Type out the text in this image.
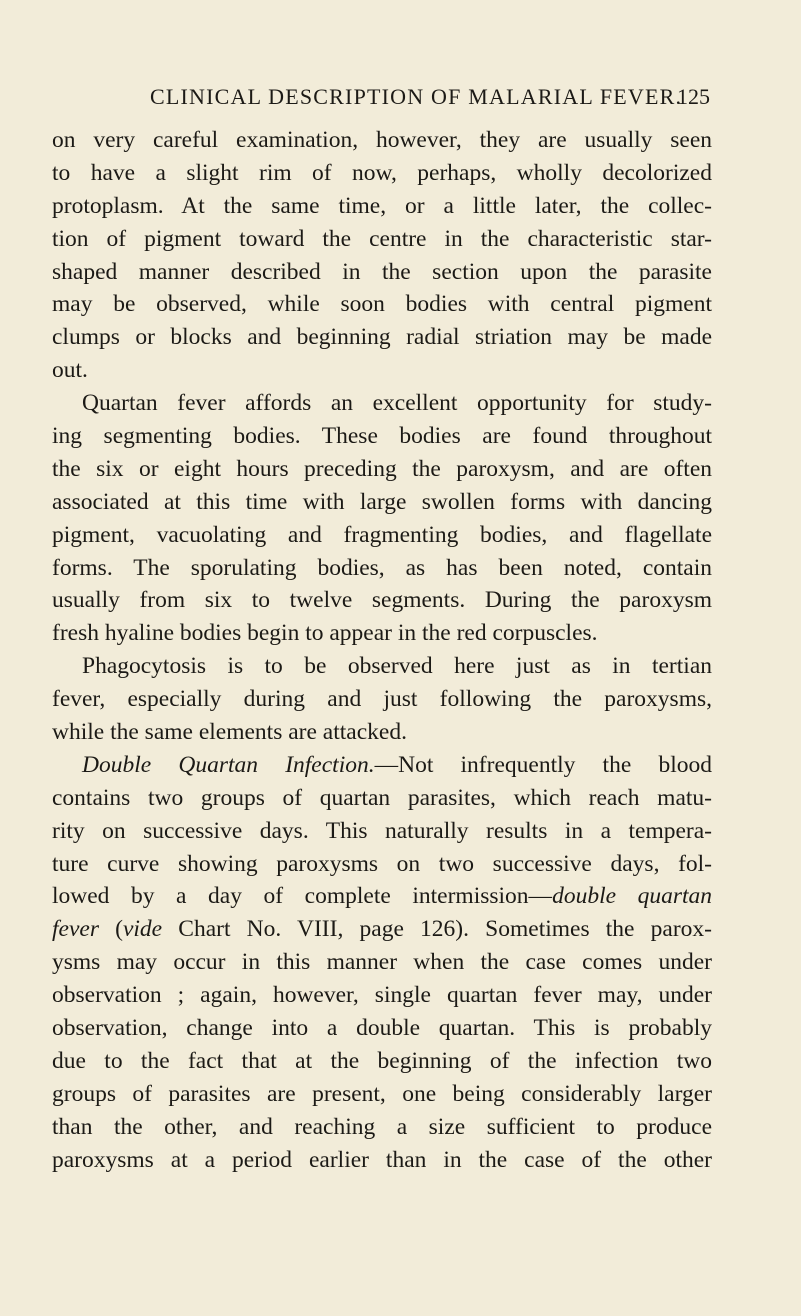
CLINICAL DESCRIPTION OF MALARIAL FEVER.
125
on very careful examination, however, they are usually seen
to have a slight rim of now, perhaps, wholly decolorized
protoplasm. At the same time, or a little later, the collec-
tion of pigment toward the centre in the characteristic star-
shaped manner described in the section upon the parasite
may be observed, while soon bodies with central pigment
clumps or blocks and beginning radial striation may be made
out.
Quartan fever affords an excellent opportunity for study-
ing segmenting bodies. These bodies are found throughout
the six or eight hours preceding the paroxysm, and are often
associated at this time with large swollen forms with dancing
pigment, vacuolating and fragmenting bodies, and flagellate
forms. The sporulating bodies, as has been noted, contain
usually from six to twelve segments. During the paroxysm
fresh hyaline bodies begin to appear in the red corpuscles.
Phagocytosis is to be observed here just as in tertian
fever, especially during and just following the paroxysms,
while the same elements are attacked.
Double Quartan Infection.—Not infrequently the blood
contains two groups of quartan parasites, which reach matu-
rity on successive days. This naturally results in a tempera-
ture curve showing paroxysms on two successive days, fol-
lowed by a day of complete intermission—double quartan
fever (vide Chart No. VIII, page 126). Sometimes the parox-
ysms may occur in this manner when the case comes under
observation ; again, however, single quartan fever may, under
observation, change into a double quartan. This is probably
due to the fact that at the beginning of the infection two
groups of parasites are present, one being considerably larger
than the other, and reaching a size sufficient to produce
paroxysms at a period earlier than in the case of the other
